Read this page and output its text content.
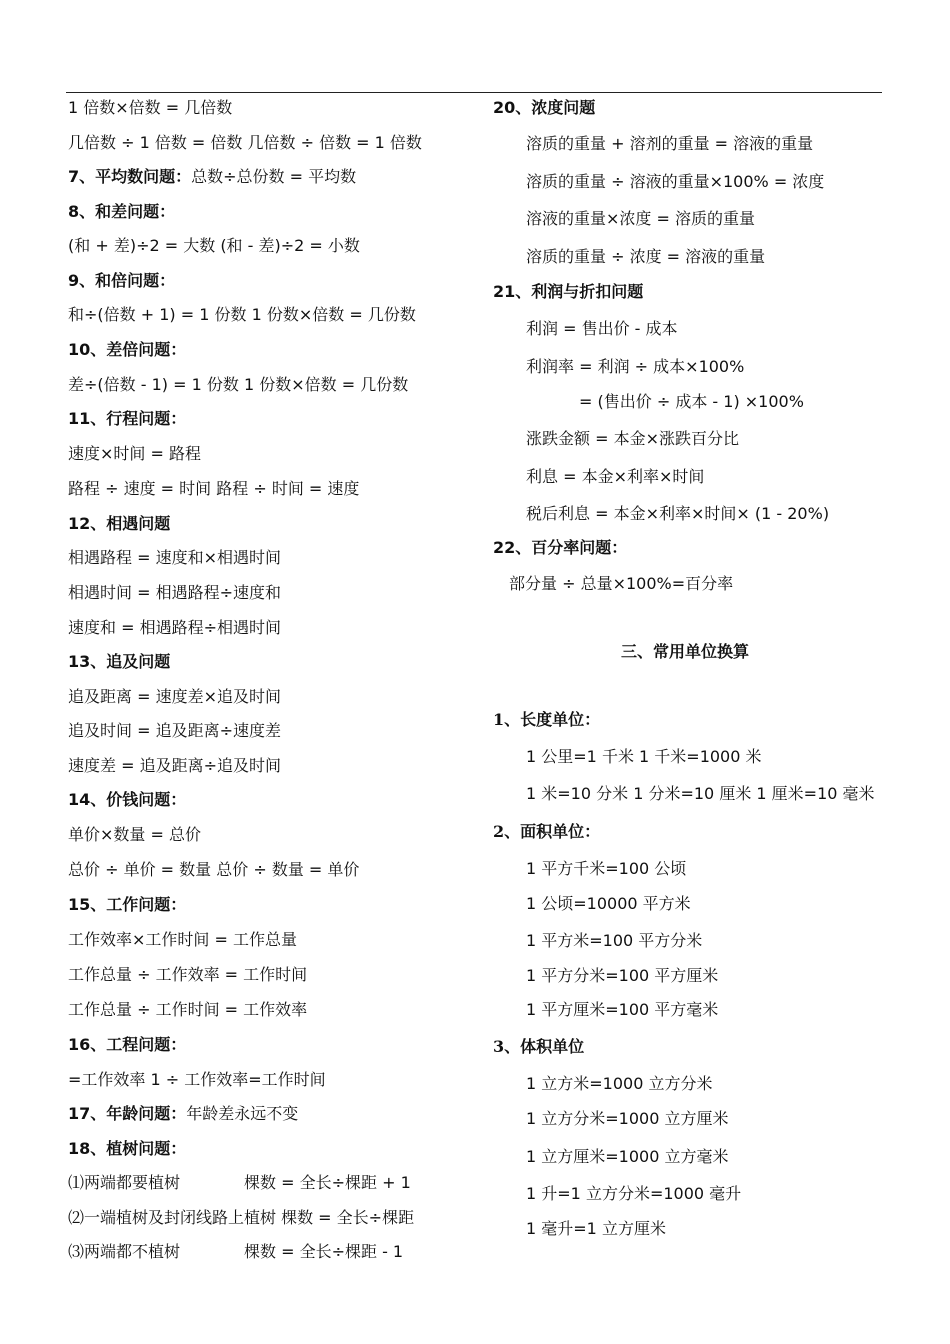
1 倍数×倍数 = 几倍数
几倍数 ÷ 1 倍数 = 倍数 几倍数 ÷ 倍数 = 1 倍数
7、平均数问题：总数÷总份数 = 平均数
8、和差问题：
(和 + 差)÷2 = 大数 (和 - 差)÷2 = 小数
9、和倍问题：
和÷(倍数 + 1) = 1 份数 1 份数×倍数 = 几份数
10、差倍问题：
差÷(倍数 - 1) = 1 份数 1 份数×倍数 = 几份数
11、行程问题：
速度×时间 = 路程
路程 ÷ 速度 = 时间 路程 ÷ 时间 = 速度
12、相遇问题
相遇路程 = 速度和×相遇时间
相遇时间 = 相遇路程÷速度和
速度和 = 相遇路程÷相遇时间
13、追及问题
追及距离 = 速度差×追及时间
追及时间 = 追及距离÷速度差
速度差 = 追及距离÷追及时间
14、价钱问题：
单价×数量 = 总价
总价 ÷ 单价 = 数量 总价 ÷ 数量 = 单价
15、工作问题：
工作效率×工作时间 = 工作总量
工作总量 ÷ 工作效率 = 工作时间
工作总量 ÷ 工作时间 = 工作效率
16、工程问题：
=工作效率 1 ÷ 工作效率=工作时间
17、年龄问题：年龄差永远不变
18、植树问题：
⑴两端都要植树	棵数 = 全长÷棵距 + 1
⑵一端植树及封闭线路上植树 棵数 = 全长÷棵距
⑶两端都不植树	棵数 = 全长÷棵距 - 1
20、浓度问题
溶质的重量 + 溶剂的重量 = 溶液的重量
溶质的重量 ÷ 溶液的重量×100% = 浓度
溶液的重量×浓度 = 溶质的重量
溶质的重量 ÷ 浓度 = 溶液的重量
21、利润与折扣问题
利润 = 售出价 - 成本
利润率 = 利润 ÷ 成本×100%
= (售出价 ÷ 成本 - 1) ×100%
涨跌金额 = 本金×涨跌百分比
利息 = 本金×利率×时间
税后利息 = 本金×利率×时间× (1 - 20%)
22、百分率问题：
部分量 ÷ 总量×100%=百分率
三、常用单位换算
1、长度单位：
1 公里=1 千米 1 千米=1000 米
1 米=10 分米 1 分米=10 厘米 1 厘米=10 毫米
2、面积单位：
1 平方千米=100 公顷
1 公顷=10000 平方米
1 平方米=100 平方分米
1 平方分米=100 平方厘米
1 平方厘米=100 平方毫米
3、体积单位
1 立方米=1000 立方分米
1 立方分米=1000 立方厘米
1 立方厘米=1000 立方毫米
1 升=1 立方分米=1000 毫升
1 毫升=1 立方厘米
